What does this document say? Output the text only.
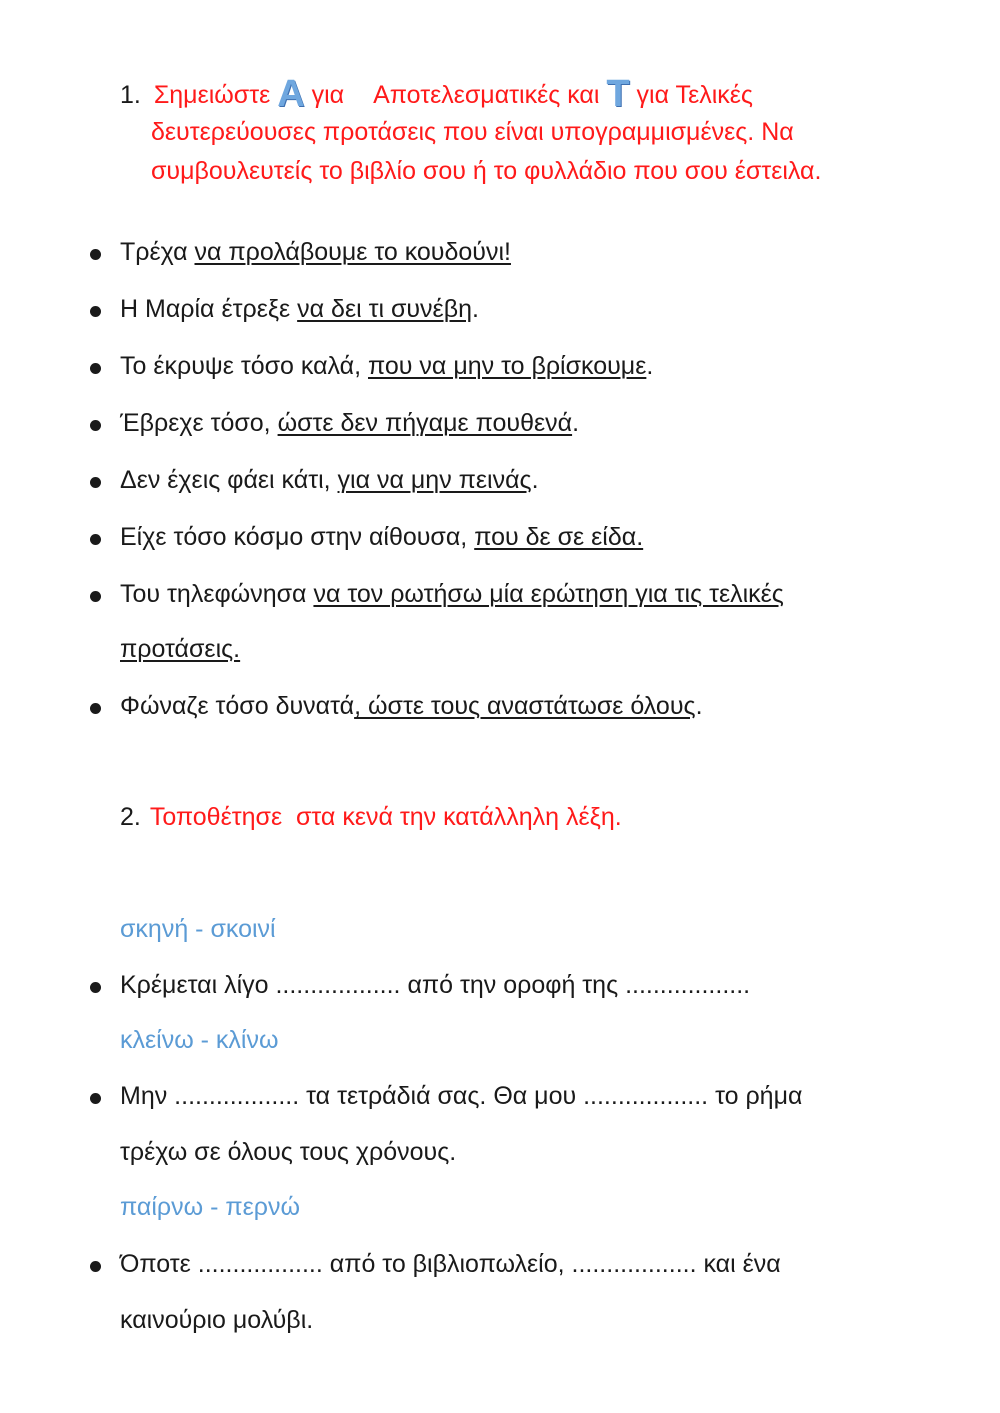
1. Σημειώστε Α για Αποτελεσματικές και Τ για Τελικές
δευτερεύουσες προτάσεις που είναι υπογραμμισμένες. Να
συμβουλευτείς το βιβλίο σου ή το φυλλάδιο που σου έστειλα.
Τρέχα να προλάβουμε το κουδούνι!
Η Μαρία έτρεξε να δει τι συνέβη.
Το έκρυψε τόσο καλά, που να μην το βρίσκουμε.
Έβρεχε τόσο, ώστε δεν πήγαμε πουθενά.
Δεν έχεις φάει κάτι, για να μην πεινάς.
Είχε τόσο κόσμο στην αίθουσα, που δε σε είδα.
Του τηλεφώνησα να τον ρωτήσω μία ερώτηση για τις τελικές
προτάσεις.
Φώναζε τόσο δυνατά, ώστε τους αναστάτωσε όλους.
2. Τοποθέτησε  στα κενά την κατάλληλη λέξη.
σκηνή - σκοινί
Κρέμεται λίγο .................. από την οροφή της ..................
κλείνω - κλίνω
Μην .................. τα τετράδιά σας. Θα μου .................. το ρήμα
τρέχω σε όλους τους χρόνους.
παίρνω - περνώ
Όποτε .................. από το βιβλιοπωλείο, .................. και ένα
καινούριο μολύβι.
